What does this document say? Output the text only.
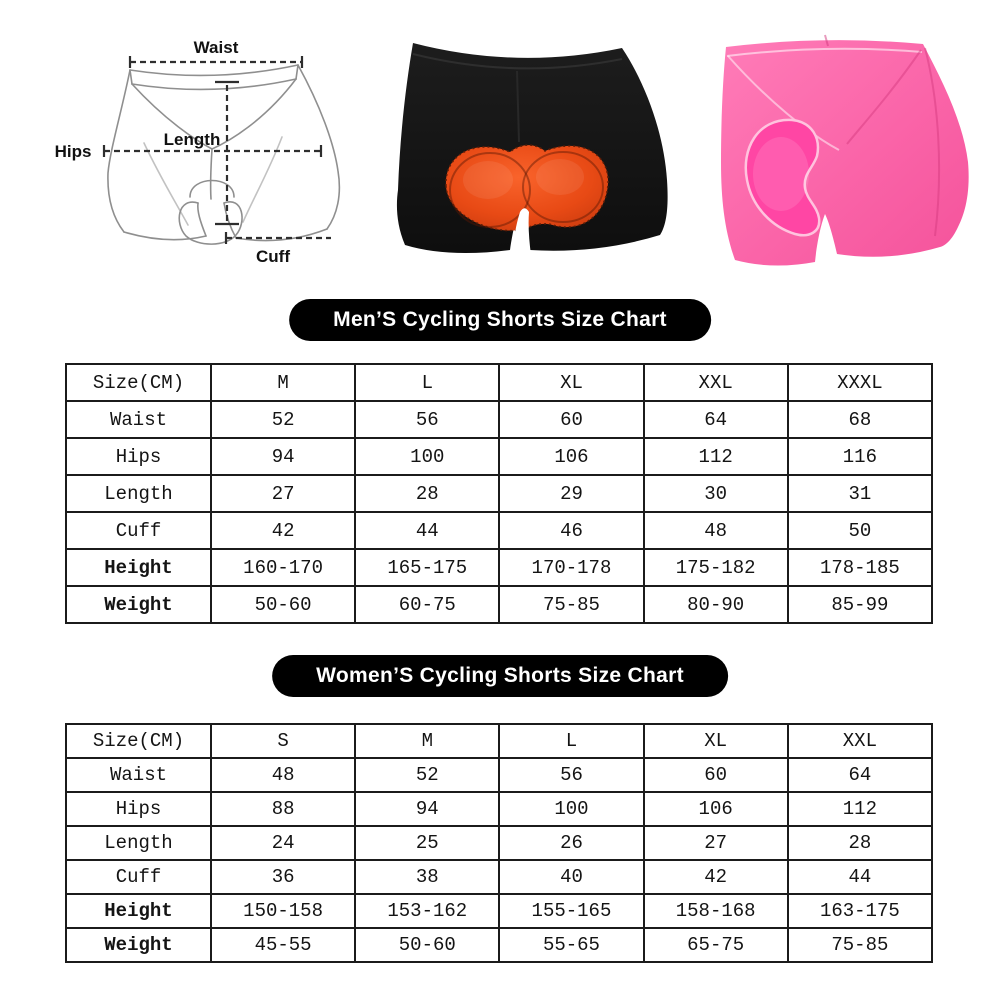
Waist
Hips
Length
Cuff
Men’S Cycling Shorts Size Chart
Size(CM)	M	L	XL	XXL	XXXL
Waist	52	56	60	64	68
Hips	94	100	106	112	116
Length	27	28	29	30	31
Cuff	42	44	46	48	50
Height	160-170	165-175	170-178	175-182	178-185
Weight	50-60	60-75	75-85	80-90	85-99
Women’S Cycling Shorts Size Chart
Size(CM)	S	M	L	XL	XXL
Waist	48	52	56	60	64
Hips	88	94	100	106	112
Length	24	25	26	27	28
Cuff	36	38	40	42	44
Height	150-158	153-162	155-165	158-168	163-175
Weight	45-55	50-60	55-65	65-75	75-85
